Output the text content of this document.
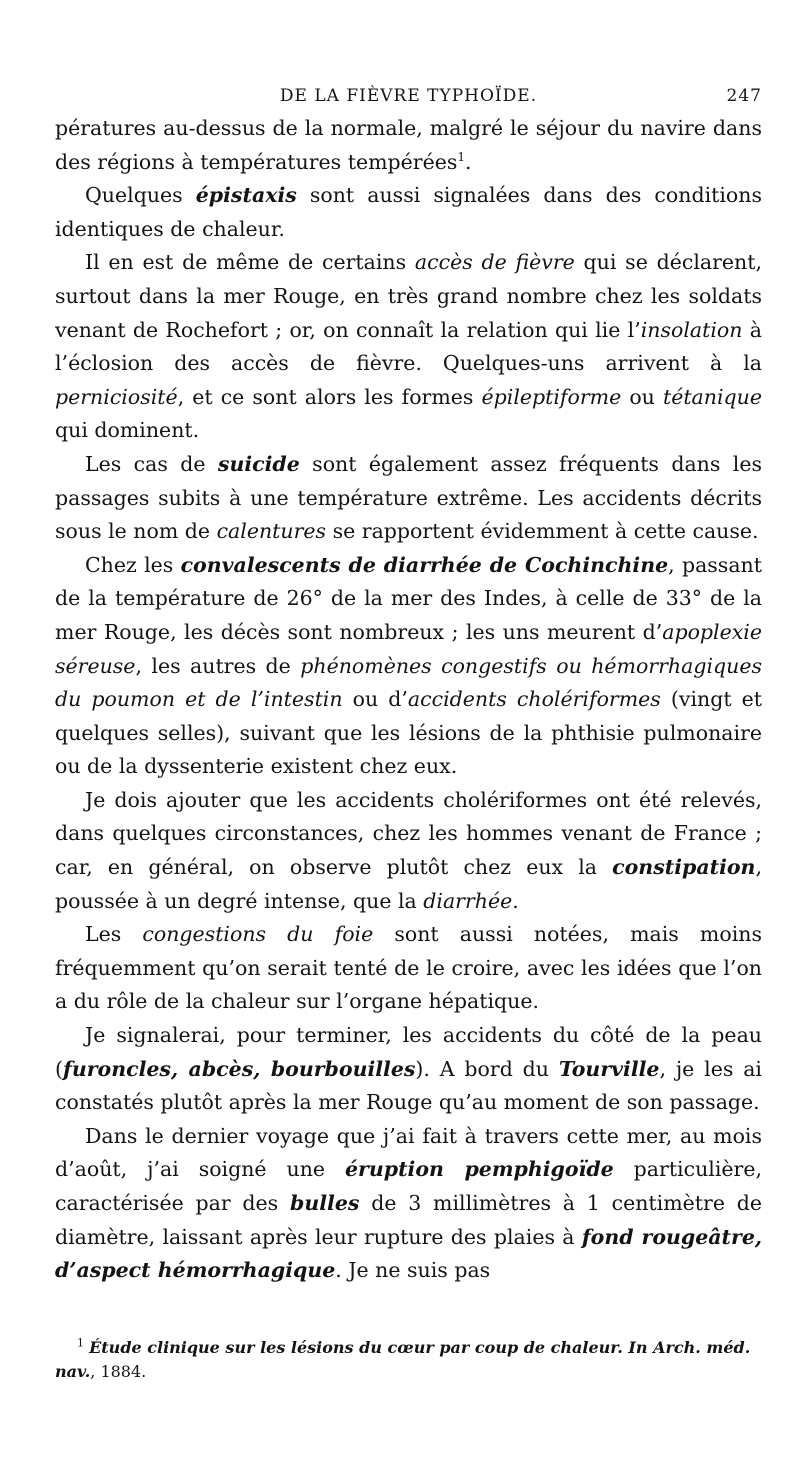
DE LA FIÈVRE TYPHOÏDE.	247

pératures au-dessus de la normale, malgré le séjour du navire dans des régions à températures tempérées$^1$.

Quelques épistaxis sont aussi signalées dans des conditions identiques de chaleur.

Il en est de même de certains accès de fièvre qui se déclarent, surtout dans la mer Rouge, en très grand nombre chez les soldats venant de Rochefort ; or, on connaît la relation qui lie l’insolation à l’éclosion des accès de fièvre. Quelques-uns arrivent à la perniciosité, et ce sont alors les formes épileptiforme ou tétanique qui dominent.

Les cas de suicide sont également assez fréquents dans les passages subits à une température extrême. Les accidents décrits sous le nom de calentures se rapportent évidemment à cette cause.

Chez les convalescents de diarrhée de Cochinchine, passant de la température de 26° de la mer des Indes, à celle de 33° de la mer Rouge, les décès sont nombreux ; les uns meurent d’apoplexie séreuse, les autres de phénomènes congestifs ou hémorrhagiques du poumon et de l’intestin ou d’accidents cholériformes (vingt et quelques selles), suivant que les lésions de la phthisie pulmonaire ou de la dyssenterie existent chez eux.

Je dois ajouter que les accidents cholériformes ont été relevés, dans quelques circonstances, chez les hommes venant de France ; car, en général, on observe plutôt chez eux la constipation, poussée à un degré intense, que la diarrhée.

Les congestions du foie sont aussi notées, mais moins fréquemment qu’on serait tenté de le croire, avec les idées que l’on a du rôle de la chaleur sur l’organe hépatique.

Je signalerai, pour terminer, les accidents du côté de la peau (furoncles, abcès, bourbouilles). A bord du Tourville, je les ai constatés plutôt après la mer Rouge qu’au moment de son passage.

Dans le dernier voyage que j’ai fait à travers cette mer, au mois d’août, j’ai soigné une éruption pemphigoïde particulière, caractérisée par des bulles de 3 millimètres à 1 centimètre de diamètre, laissant après leur rupture des plaies à fond rougeâtre, d’aspect hémorrhagique. Je ne suis pas

$^1$ Étude clinique sur les lésions du cœur par coup de chaleur. In Arch. méd. nav., 1884.
